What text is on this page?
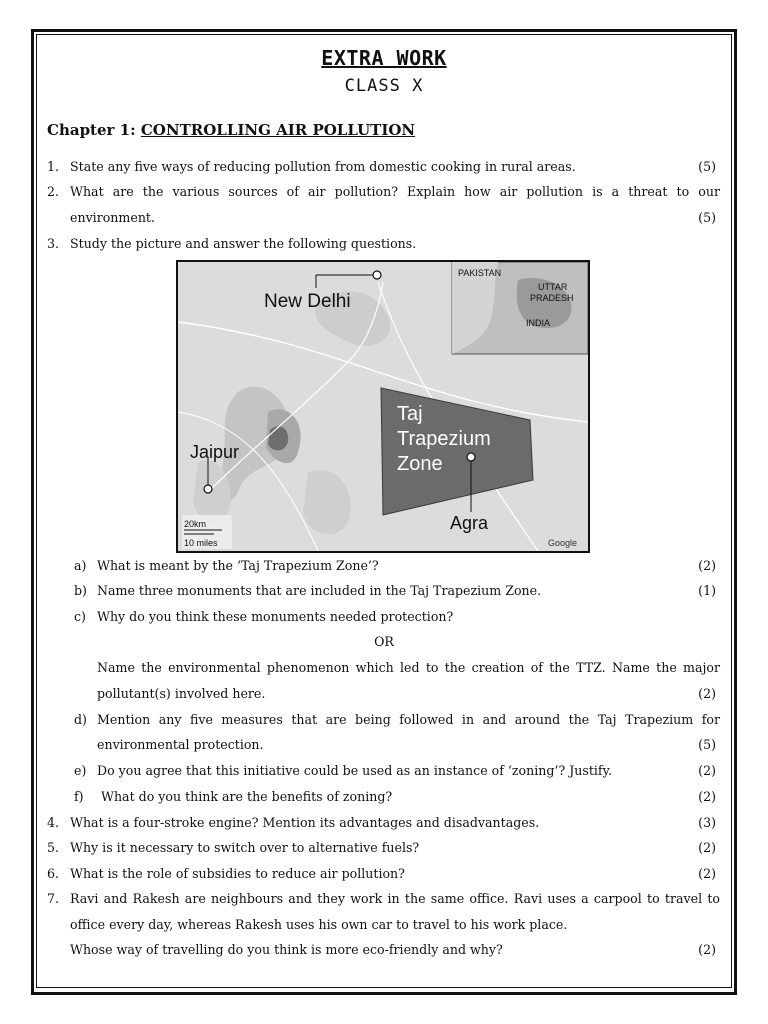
EXTRA WORK
CLASS X
Chapter 1: CONTROLLING AIR POLLUTION
1. State any five ways of reducing pollution from domestic cooking in rural areas.	(5)
2. What are the various sources of air pollution? Explain how air pollution is a threat to our
environment.	(5)
3. Study the picture and answer the following questions.
20km
10 miles
New Delhi
Jaipur
Agra
Taj
Trapezium
Zone
PAKISTAN
UTTAR
PRADESH
INDIA
Google
a) What is meant by the ‘Taj Trapezium Zone’?	(2)
b) Name three monuments that are included in the Taj Trapezium Zone.	(1)
c) Why do you think these monuments needed protection?
OR
Name the environmental phenomenon which led to the creation of the TTZ. Name the major
pollutant(s) involved here.	(2)
d) Mention any five measures that are being followed in and around the Taj Trapezium for
environmental protection.	(5)
e) Do you agree that this initiative could be used as an instance of ‘zoning’? Justify.	(2)
f) What do you think are the benefits of zoning?	(2)
4. What is a four-stroke engine? Mention its advantages and disadvantages.	(3)
5. Why is it necessary to switch over to alternative fuels?	(2)
6. What is the role of subsidies to reduce air pollution?	(2)
7. Ravi and Rakesh are neighbours and they work in the same office. Ravi uses a carpool to travel to
office every day, whereas Rakesh uses his own car to travel to his work place.
Whose way of travelling do you think is more eco-friendly and why?	(2)
